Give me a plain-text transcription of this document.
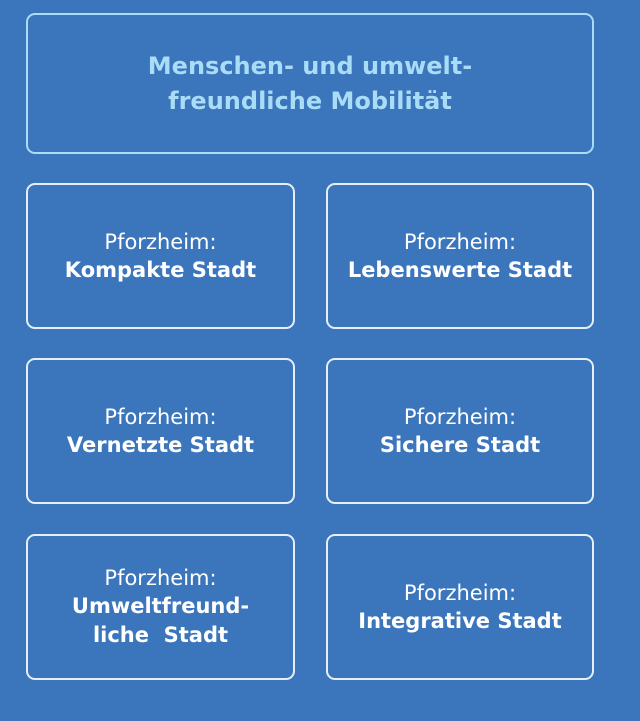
Menschen- und umwelt-
freundliche Mobilität
Pforzheim:
Kompakte Stadt
Pforzheim:
Lebenswerte Stadt
Pforzheim:
Vernetzte Stadt
Pforzheim:
Sichere Stadt
Pforzheim:
Umweltfreund-
liche  Stadt
Pforzheim:
Integrative Stadt
